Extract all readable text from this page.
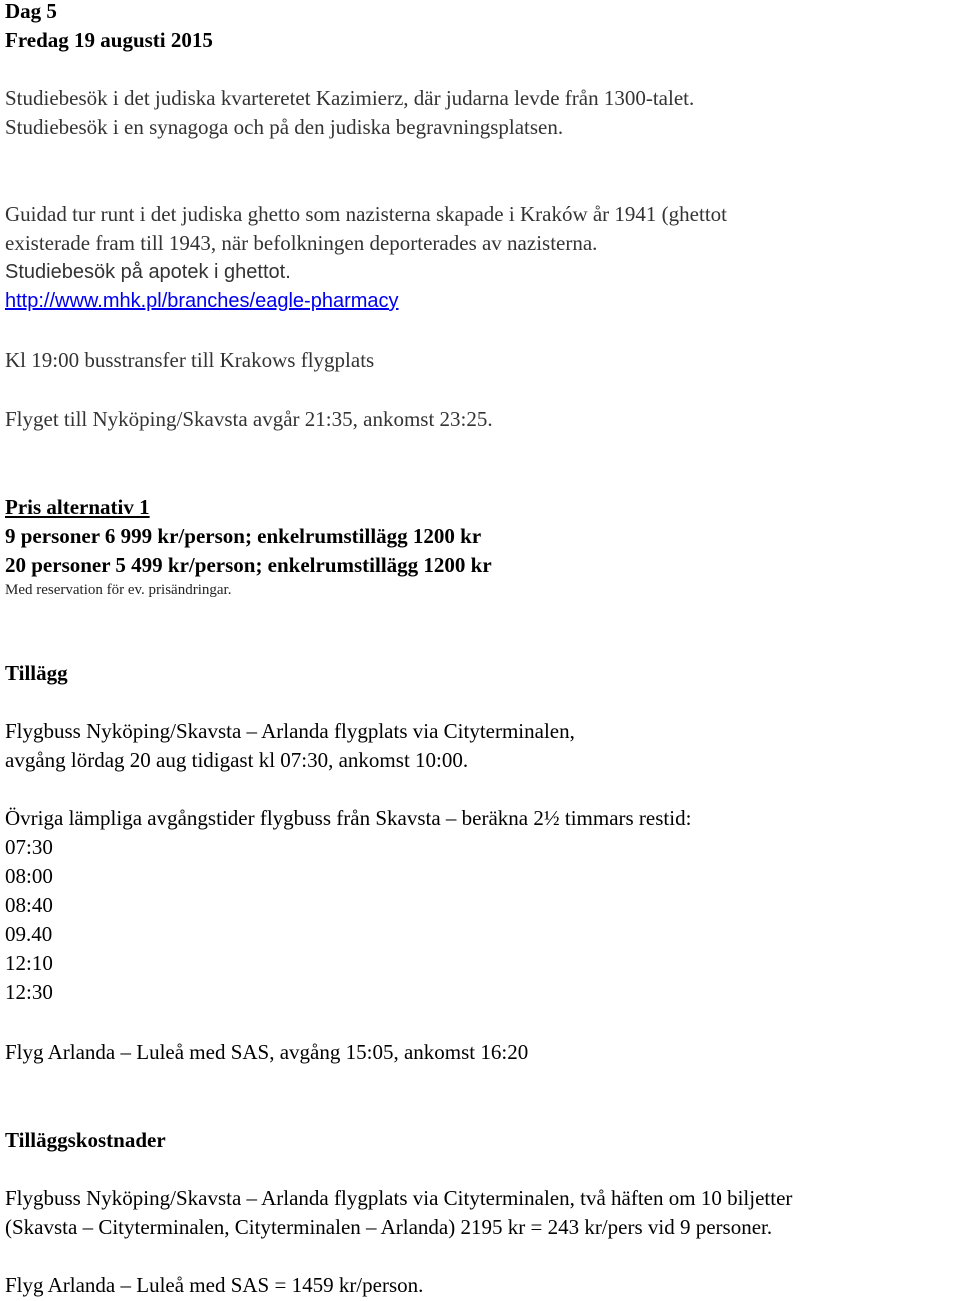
Dag 5
Fredag 19 augusti 2015
Studiebesök i det judiska kvarteretet Kazimierz, där judarna levde från 1300-talet.
Studiebesök i en synagoga och på den judiska begravningsplatsen.
Guidad tur runt i det judiska ghetto som nazisterna skapade i Kraków år 1941 (ghettot
existerade fram till 1943, när befolkningen deporterades av nazisterna.
Studiebesök på apotek i ghettot.
http://www.mhk.pl/branches/eagle-pharmacy
Kl 19:00 busstransfer till Krakows flygplats
Flyget till Nyköping/Skavsta avgår 21:35, ankomst 23:25.
Pris alternativ 1
9 personer 6 999 kr/person; enkelrumstillägg 1200 kr
20 personer 5 499 kr/person; enkelrumstillägg 1200 kr
Med reservation för ev. prisändringar.
Tillägg
Flygbuss Nyköping/Skavsta – Arlanda flygplats via Cityterminalen,
avgång lördag 20 aug tidigast kl 07:30, ankomst 10:00.
Övriga lämpliga avgångstider flygbuss från Skavsta – beräkna 2½ timmars restid:
07:30
08:00
08:40
09.40
12:10
12:30
Flyg Arlanda – Luleå med SAS, avgång 15:05, ankomst 16:20
Tilläggskostnader
Flygbuss Nyköping/Skavsta – Arlanda flygplats via Cityterminalen, två häften om 10 biljetter
(Skavsta – Cityterminalen, Cityterminalen – Arlanda) 2195 kr = 243 kr/pers vid 9 personer.
Flyg Arlanda – Luleå med SAS = 1459 kr/person.
